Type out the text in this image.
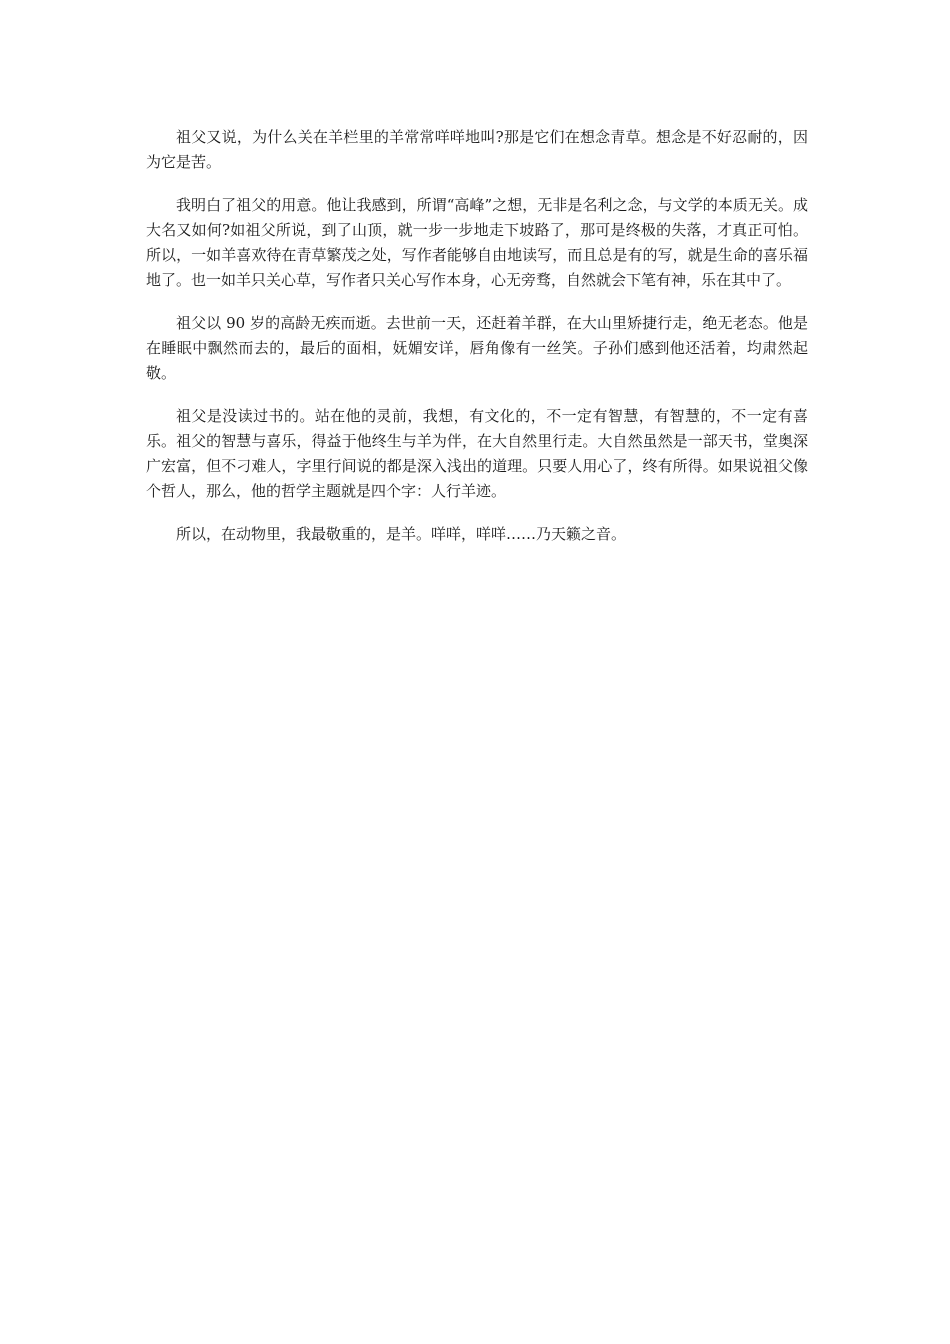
祖父又说，为什么关在羊栏里的羊常常咩咩地叫?那是它们在想念青草。想念是不好忍耐的，因为它是苦。

我明白了祖父的用意。他让我感到，所谓“高峰”之想，无非是名利之念，与文学的本质无关。成大名又如何?如祖父所说，到了山顶，就一步一步地走下坡路了，那可是终极的失落，才真正可怕。所以，一如羊喜欢待在青草繁茂之处，写作者能够自由地读写，而且总是有的写，就是生命的喜乐福地了。也一如羊只关心草，写作者只关心写作本身，心无旁骛，自然就会下笔有神，乐在其中了。

祖父以 90 岁的高龄无疾而逝。去世前一天，还赶着羊群，在大山里矫捷行走，绝无老态。他是在睡眠中飘然而去的，最后的面相，妩媚安详，唇角像有一丝笑。子孙们感到他还活着，均肃然起敬。

祖父是没读过书的。站在他的灵前，我想，有文化的，不一定有智慧，有智慧的，不一定有喜乐。祖父的智慧与喜乐，得益于他终生与羊为伴，在大自然里行走。大自然虽然是一部天书，堂奥深广宏富，但不刁难人，字里行间说的都是深入浅出的道理。只要人用心了，终有所得。如果说祖父像个哲人，那么，他的哲学主题就是四个字：人行羊迹。

所以，在动物里，我最敬重的，是羊。咩咩，咩咩……乃天籁之音。
